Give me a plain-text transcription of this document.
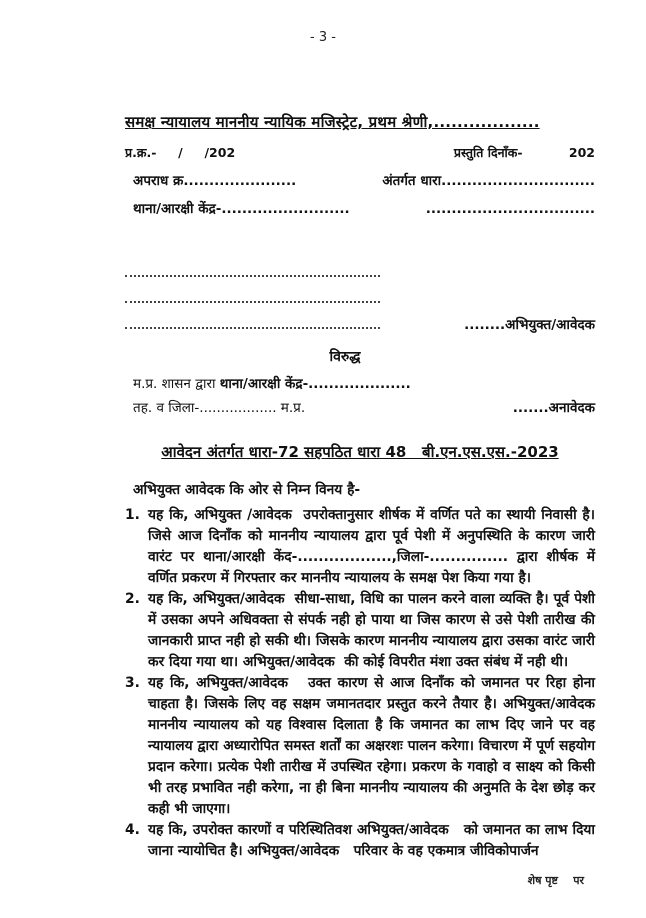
- 3 -
समक्ष न्यायालय माननीय न्यायिक मजिस्ट्रेट, प्रथम श्रेणी,..................
प्र.क्र.-     /     /202	प्रस्तुति दिनाँक-	202
अपराध क्र......................	अंतर्गत धारा..............................
थाना/आरक्षी केंद्र-.........................	.................................
........अभियुक्त/आवेदक
विरुद्ध
म.प्र. शासन द्वारा थाना/आरक्षी केंद्र-....................
तह. व जिला-.................. म.प्र.	.......अनावेदक
आवेदन अंतर्गत धारा-72 सहपठित धारा 48   बी.एन.एस.एस.-2023
अभियुक्त आवेदक कि ओर से निम्न विनय है-
1. यह कि, अभियुक्त /आवेदक  उपरोक्तानुसार शीर्षक में वर्णित पते का स्थायी निवासी है। जिसे आज दिनाँक को माननीय न्यायालय द्वारा पूर्व पेशी में अनुपस्थिति के कारण जारी वारंट पर थाना/आरक्षी केंद-..................,जिला-............... द्वारा शीर्षक में वर्णित प्रकरण में गिरफ्तार कर माननीय न्यायालय के समक्ष पेश किया गया है।
2. यह कि, अभियुक्त/आवेदक  सीधा-साधा, विधि का पालन करने वाला व्यक्ति है। पूर्व पेशी में उसका अपने अधिवक्ता से संपर्क नही हो पाया था जिस कारण से उसे पेशी तारीख की जानकारी प्राप्त नही हो सकी थी। जिसके कारण माननीय न्यायालय द्वारा उसका वारंट जारी कर दिया गया था। अभियुक्त/आवेदक  की कोई विपरीत मंशा उक्त संबंध में नही थी।
3. यह कि, अभियुक्त/आवेदक   उक्त कारण से आज दिनाँक को जमानत पर रिहा होना चाहता है। जिसके लिए वह सक्षम जमानतदार प्रस्तुत करने तैयार है। अभियुक्त/आवेदक   माननीय न्यायालय को यह विश्वास दिलाता है कि जमानत का लाभ दिए जाने पर वह न्यायालय द्वारा अध्यारोपित समस्त शर्तों का अक्षरशः पालन करेगा। विचारण में पूर्ण सहयोग प्रदान करेगा। प्रत्येक पेशी तारीख में उपस्थित रहेगा। प्रकरण के गवाहो व साक्ष्य को किसी भी तरह प्रभावित नही करेगा, ना ही बिना माननीय न्यायालय की अनुमति के देश छोड़ कर कही भी जाएगा।
4. यह कि, उपरोक्त कारणों व परिस्थितिवश अभियुक्त/आवेदक   को जमानत का लाभ दिया जाना न्यायोचित है। अभियुक्त/आवेदक   परिवार के वह एकमात्र जीविकोपार्जन
शेष पृष्ट    पर
